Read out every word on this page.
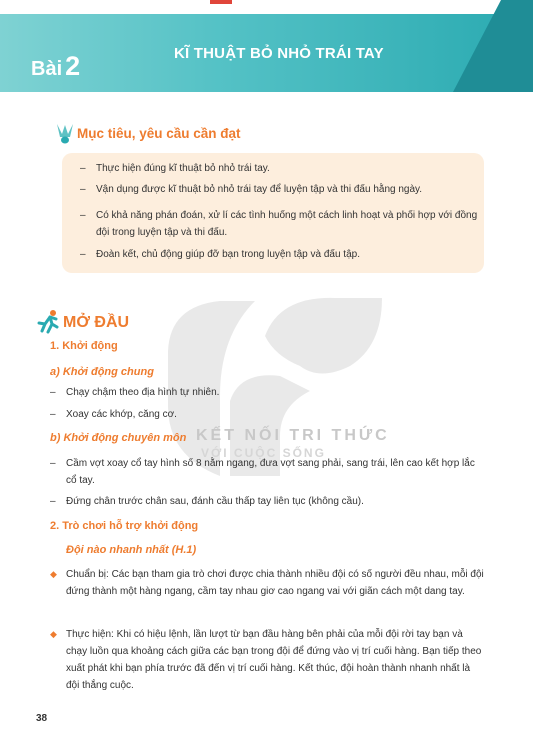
Bài 2	KĨ THUẬT BỎ NHỎ TRÁI TAY
Mục tiêu, yêu cầu cần đạt
– Thực hiện đúng kĩ thuật bỏ nhỏ trái tay.
– Vận dụng được kĩ thuật bỏ nhỏ trái tay để luyện tập và thi đấu hằng ngày.
– Có khả năng phán đoán, xử lí các tình huống một cách linh hoạt và phối hợp với đồng đội trong luyện tập và thi đấu.
– Đoàn kết, chủ động giúp đỡ bạn trong luyện tập và đấu tập.
KẾT NỐI TRI THỨC
VỚI CUỘC SỐNG
MỞ ĐẦU
1. Khởi động
a) Khởi động chung
– Chạy chậm theo địa hình tự nhiên.
– Xoay các khớp, căng cơ.
b) Khởi động chuyên môn
– Cầm vợt xoay cổ tay hình số 8 nằm ngang, đưa vợt sang phải, sang trái, lên cao kết hợp lắc cổ tay.
– Đứng chân trước chân sau, đánh cầu thấp tay liên tục (không cầu).
2. Trò chơi hỗ trợ khởi động
Đội nào nhanh nhất (H.1)
◆ Chuẩn bị: Các bạn tham gia trò chơi được chia thành nhiều đội có số người đều nhau, mỗi đội đứng thành một hàng ngang, cầm tay nhau giơ cao ngang vai với giãn cách một dang tay.
◆ Thực hiện: Khi có hiệu lệnh, lần lượt từ bạn đầu hàng bên phải của mỗi đội rời tay bạn và chạy luồn qua khoảng cách giữa các bạn trong đội để đứng vào vị trí cuối hàng. Bạn tiếp theo xuất phát khi bạn phía trước đã đến vị trí cuối hàng. Kết thúc, đội hoàn thành nhanh nhất là đội thắng cuộc.
38
